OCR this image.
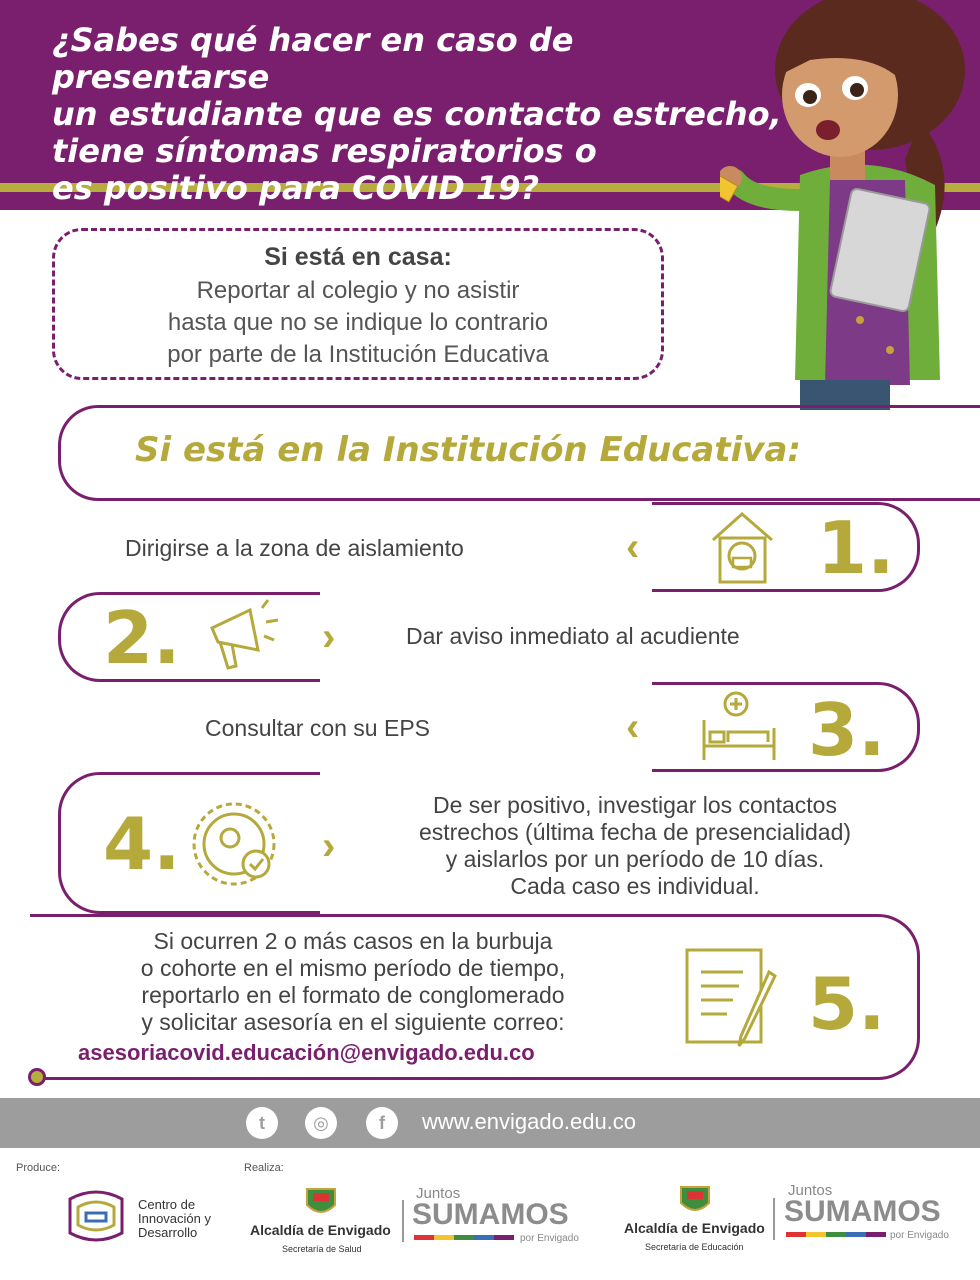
¿Sabes qué hacer en caso de presentarse
un estudiante que es contacto estrecho,
tiene síntomas respiratorios o
es positivo para COVID 19?
Si está en casa:
Reportar al colegio y no asistir
hasta que no se indique lo contrario
por parte de la Institución Educativa
Si está en la Institución Educativa:
Dirigirse a la zona de aislamiento	‹ 1.
2.	›	Dar aviso inmediato al acudiente
Consultar con su EPS	‹ 3.
4.	›
De ser positivo, investigar los contactos
estrechos (última fecha de presencialidad)
y aislarlos por un período de 10 días.
Cada caso es individual.
Si ocurren 2 o más casos en la burbuja
o cohorte en el mismo período de tiempo,
reportarlo en el formato de conglomerado
y solicitar asesoría en el siguiente correo:	5.
asesoriacovid.educación@envigado.edu.co
t	◎	f	www.envigado.edu.co
Produce:	Realiza:
Centro de
Innovación y
Desarrollo	Alcaldía de Envigado
Secretaría de Salud
Juntos
SUMAMOS
por Envigado
Alcaldía de Envigado
Secretaría de Educación
Juntos
SUMAMOS
por Envigado
